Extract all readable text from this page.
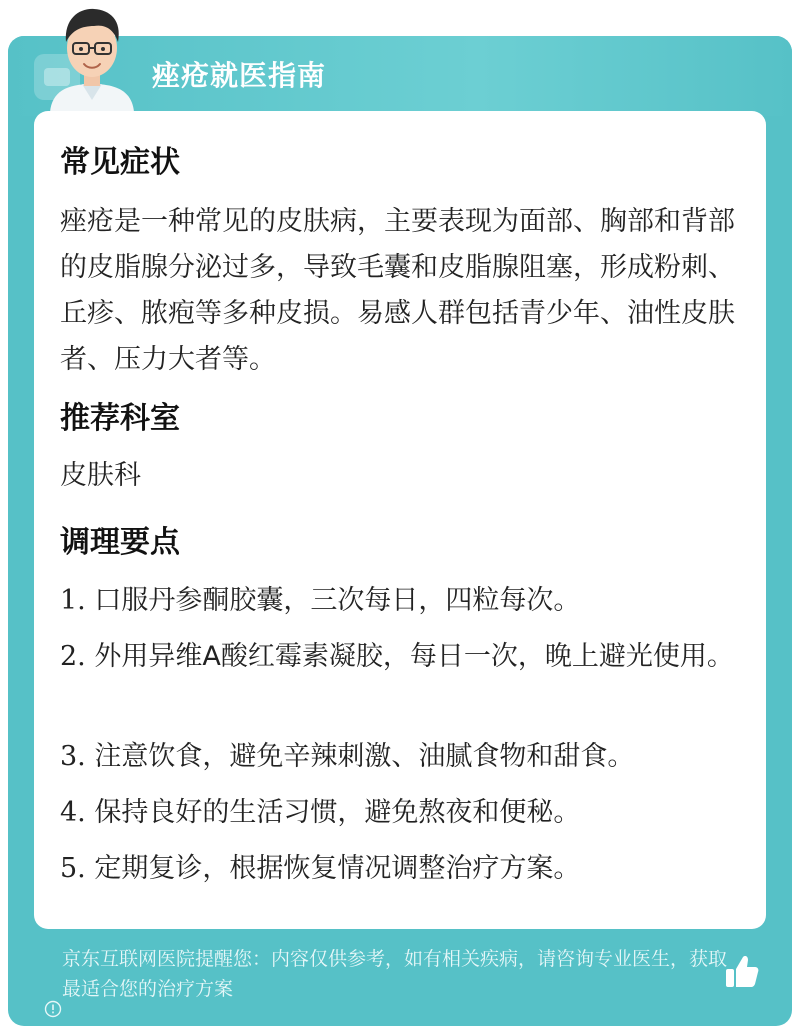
痤疮就医指南
京东互联网医院提醒您：内容仅供参考，如有相关疾病，请咨询专业医生，获取最适合您的治疗方案
常见症状
痤疮是一种常见的皮肤病，主要表现为面部、胸部和背部的皮脂腺分泌过多，导致毛囊和皮脂腺阻塞，形成粉刺、丘疹、脓疱等多种皮损。易感人群包括青少年、油性皮肤者、压力大者等。
推荐科室
皮肤科
调理要点
1. 口服丹参酮胶囊，三次每日，四粒每次。
2. 外用异维A酸红霉素凝胶，每日一次，晚上避光使用。
3. 注意饮食，避免辛辣刺激、油腻食物和甜食。
4. 保持良好的生活习惯，避免熬夜和便秘。
5. 定期复诊，根据恢复情况调整治疗方案。
